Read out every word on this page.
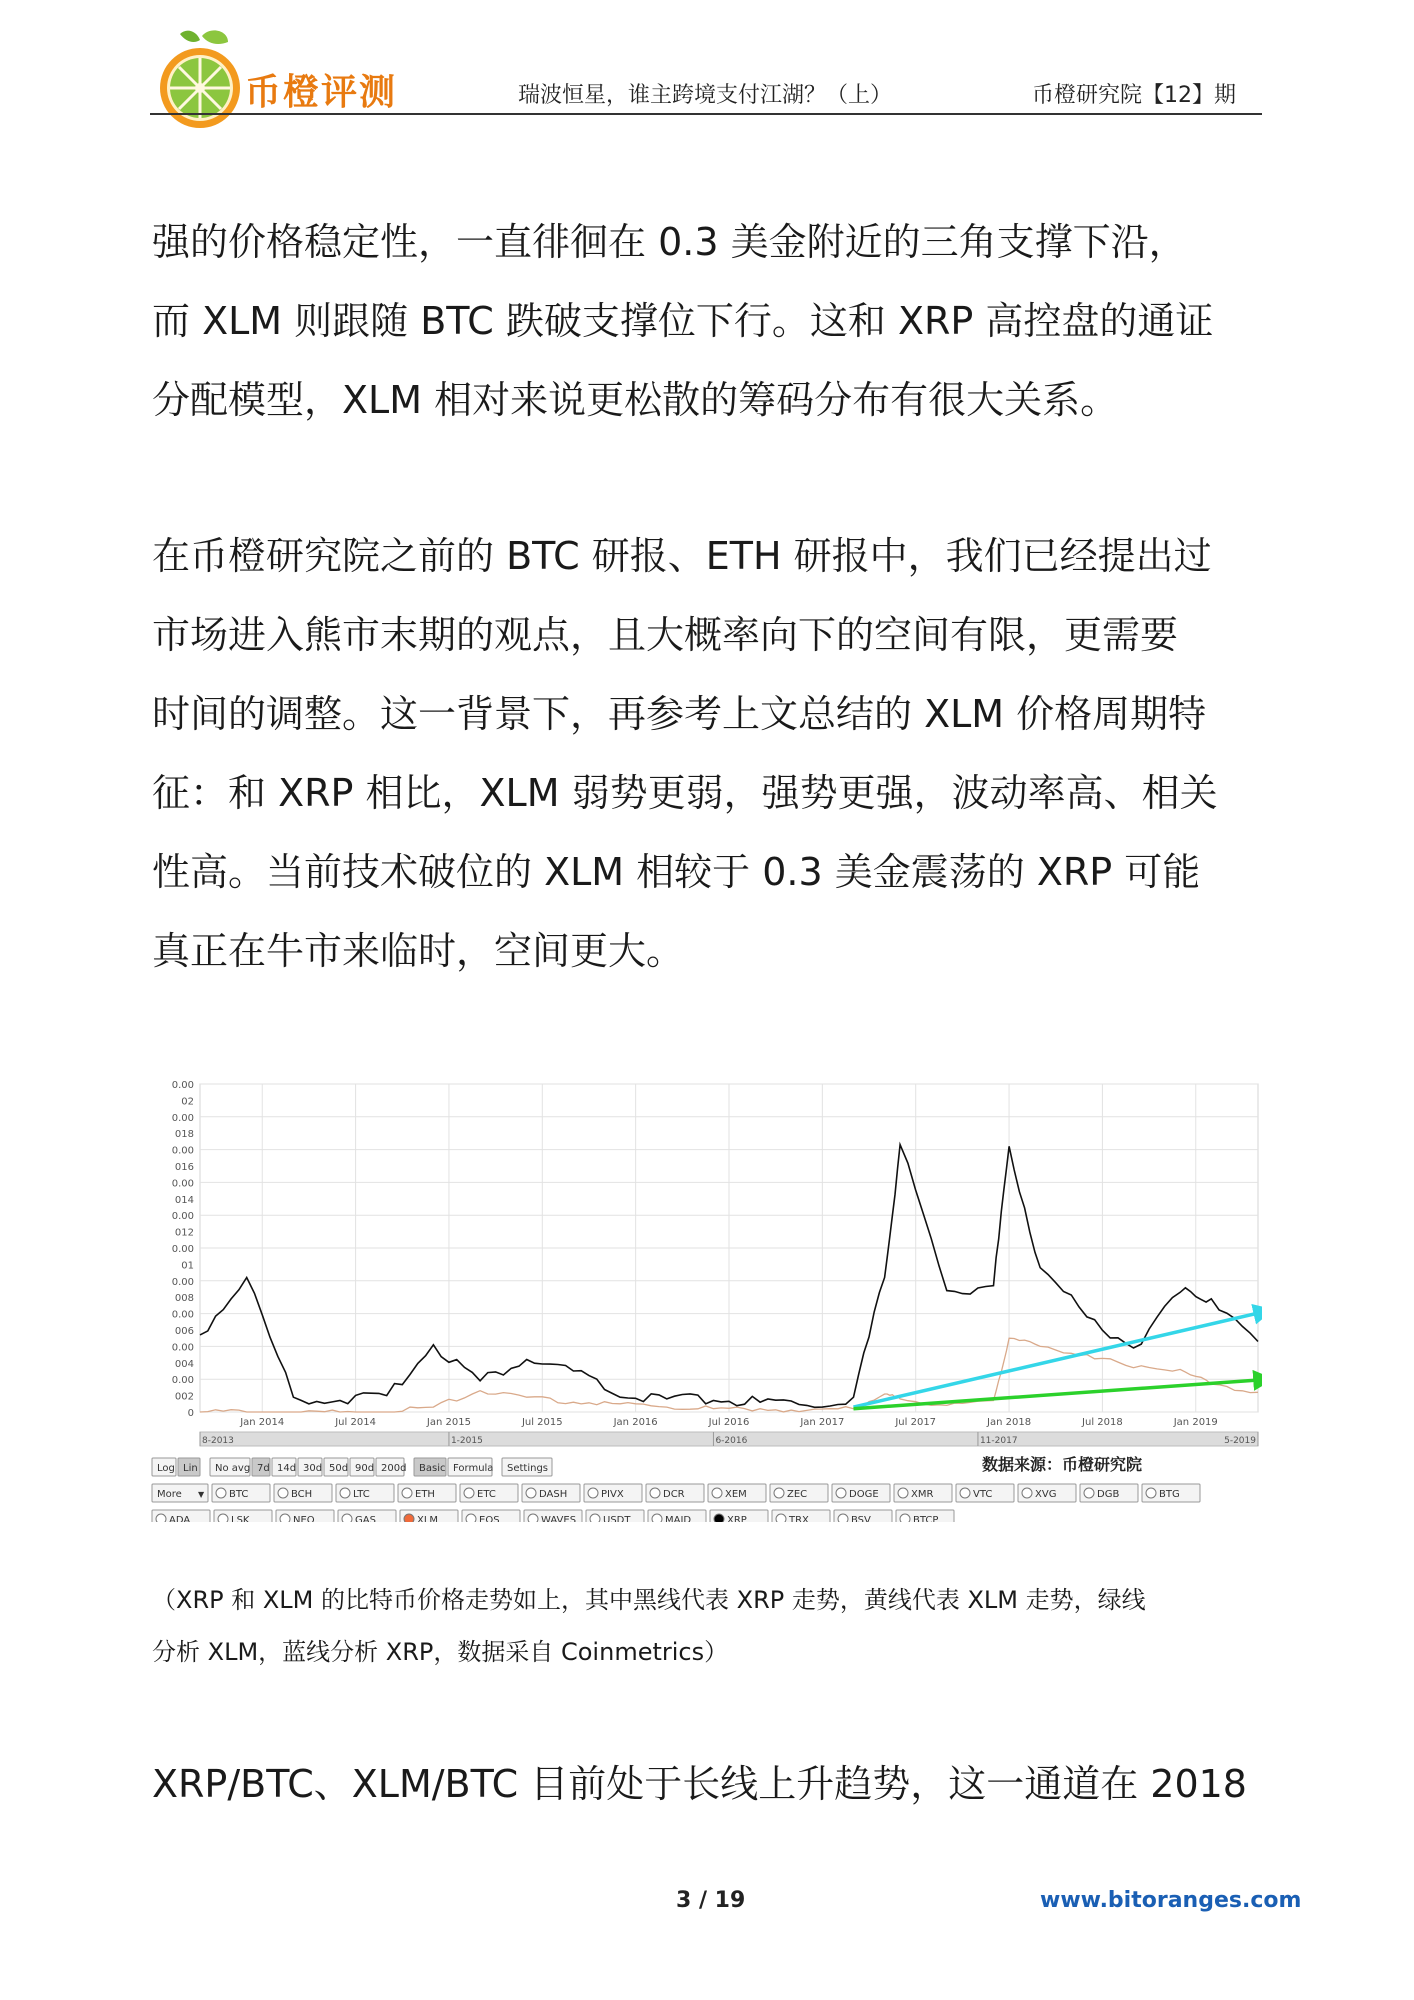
币橙评测	瑞波恒星，谁主跨境支付江湖？（上）	币橙研究院【12】期
强的价格稳定性，一直徘徊在 0.3 美金附近的三角支撑下沿，
而 XLM 则跟随 BTC 跌破支撑位下行。这和 XRP 高控盘的通证
分配模型，XLM 相对来说更松散的筹码分布有很大关系。
在币橙研究院之前的 BTC 研报、ETH 研报中，我们已经提出过
市场进入熊市末期的观点，且大概率向下的空间有限，更需要
时间的调整。这一背景下，再参考上文总结的 XLM 价格周期特
征：和 XRP 相比，XLM 弱势更弱，强势更强，波动率高、相关
性高。当前技术破位的 XLM 相较于 0.3 美金震荡的 XRP 可能
真正在牛市来临时，空间更大。
0.00
02
0.00
018
0.00
016
0.00
014
0.00
012
0.00
01
0.00
008
0.00
006
0.00
004
0.00
002
0
Jan 2014	Jul 2014	Jan 2015	Jul 2015	Jan 2016	Jul 2016	Jan 2017	Jul 2017	Jan 2018	Jul 2018	Jan 2019
8-2013	1-2015	6-2016	11-2017	5-2019
数据来源：币橙研究院
Log Lin No avg 7d 14d 30d 50d 90d 200d Basic Formula Settings
More ▼ BTC	BCH	LTC	ETH	ETC	DASH	PIVX	DCR	XEM	ZEC	DOGE	XMR	VTC	XVG	DGB	BTG
ADA	LSK	NEO	GAS	XLM	EOS	WAVES	USDT	MAID	XRP	TRX	BSV	BTCP
（XRP 和 XLM 的比特币价格走势如上，其中黑线代表 XRP 走势，黄线代表 XLM 走势，绿线
分析 XLM，蓝线分析 XRP，数据采自 Coinmetrics）
XRP/BTC、XLM/BTC 目前处于长线上升趋势，这一通道在 2018
3 / 19	www.bitoranges.com
